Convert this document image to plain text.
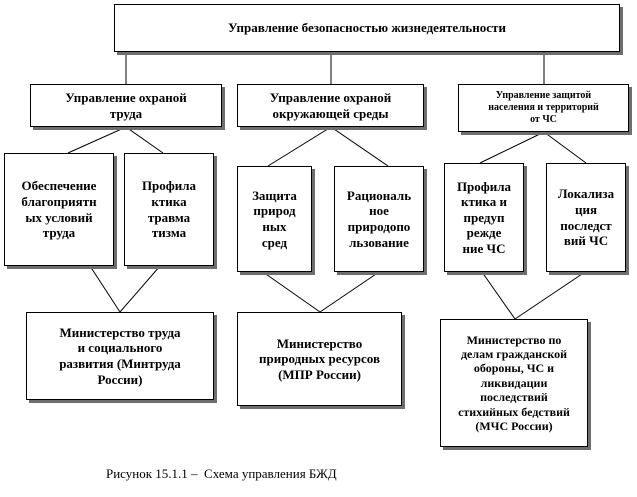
Управление безопасностью жизнедеятельности
Управление охраной
труда
Управление охраной
окружающей среды
Управление защитой
населения и территорий
от ЧС
Обеспечение
благоприятн
ых условий
труда
Профила
ктика
травма
тизма
Защита
природ
ных
сред
Рациональ
ное
природопо
льзование
Профила
ктика и
предуп
режде
ние ЧС
Локализа
ция
последст
вий ЧС
Министерство труда
и социального
развития (Минтруда
России)
Министерство
природных ресурсов
(МПР России)
Министерство по
делам гражданской
обороны, ЧС и
ликвидации
последствий
стихийных бедствий
(МЧС России)
Рисунок 15.1.1 –  Схема управления БЖД
